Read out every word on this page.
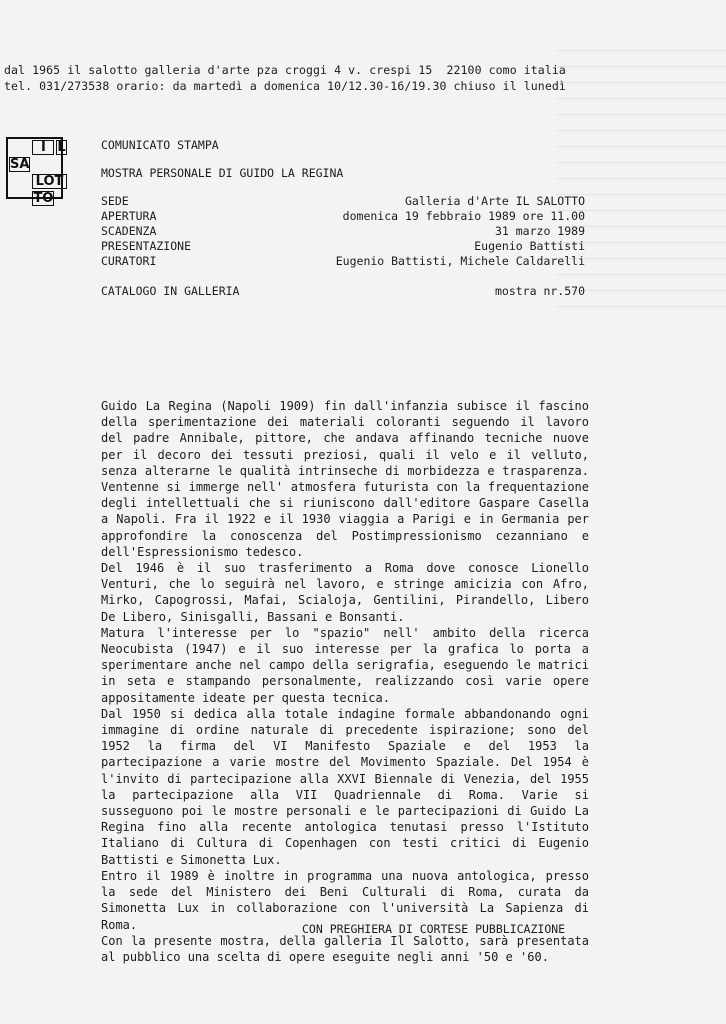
dal 1965 il salotto galleria d'arte pza croggi 4 v. crespi 15  22100 como italia
tel. 031/273538 orario: da martedì a domenica 10/12.30-16/19.30 chiuso il lunedì
I L
SA
LOT
TO
COMUNICATO STAMPA
MOSTRA PERSONALE DI GUIDO LA REGINA
SEDE
APERTURA
SCADENZA
PRESENTAZIONE
CURATORI
Galleria d'Arte IL SALOTTO
domenica 19 febbraio 1989 ore 11.00
31 marzo 1989
Eugenio Battisti
Eugenio Battisti, Michele Caldarelli
CATALOGO IN GALLERIA	mostra nr.570

Guido La Regina (Napoli 1909) fin dall'infanzia subisce il fascino della sperimentazione dei materiali coloranti seguendo il lavoro del padre Annibale, pittore, che andava affinando tecniche nuove per il decoro dei tessuti preziosi, quali il velo e il velluto, senza alterarne le qualità intrinseche di morbidezza e trasparenza. Ventenne si immerge nell' atmosfera futurista con la frequentazione degli intellettuali che si riuniscono dall'editore Gaspare Casella a Napoli. Fra il 1922 e il 1930 viaggia a Parigi e in Germania per approfondire la conoscenza del Postimpressionismo cezanniano e dell'Espressionismo tedesco.

Del 1946 è il suo trasferimento a Roma dove conosce Lionello Venturi, che lo seguirà nel lavoro, e stringe amicizia con Afro, Mirko, Capogrossi, Mafai, Scialoja, Gentilini, Pirandello, Libero De Libero, Sinisgalli, Bassani e Bonsanti.

Matura l'interesse per lo "spazio" nell' ambito della ricerca Neocubista (1947) e il suo interesse per la grafica lo porta a sperimentare anche nel campo della serigrafia, eseguendo le matrici in seta e stampando personalmente, realizzando così varie opere appositamente ideate per questa tecnica.

Dal 1950 si dedica alla totale indagine formale abbandonando ogni immagine di ordine naturale di precedente ispirazione; sono del 1952 la firma del VI Manifesto Spaziale e del 1953 la partecipazione a varie mostre del Movimento Spaziale. Del 1954 è l'invito di partecipazione alla XXVI Biennale di Venezia, del 1955 la partecipazione alla VII Quadriennale di Roma. Varie si susseguono poi le mostre personali e le partecipazioni di Guido La Regina fino alla recente antologica tenutasi presso l'Istituto Italiano di Cultura di Copenhagen con testi critici di Eugenio Battisti e Simonetta Lux.

Entro il 1989 è inoltre in programma una nuova antologica, presso la sede del Ministero dei Beni Culturali di Roma, curata da Simonetta Lux in collaborazione con l'università La Sapienza di Roma.

Con la presente mostra, della galleria Il Salotto, sarà presentata al pubblico una scelta di opere eseguite negli anni '50 e '60.

CON PREGHIERA DI CORTESE PUBBLICAZIONE
